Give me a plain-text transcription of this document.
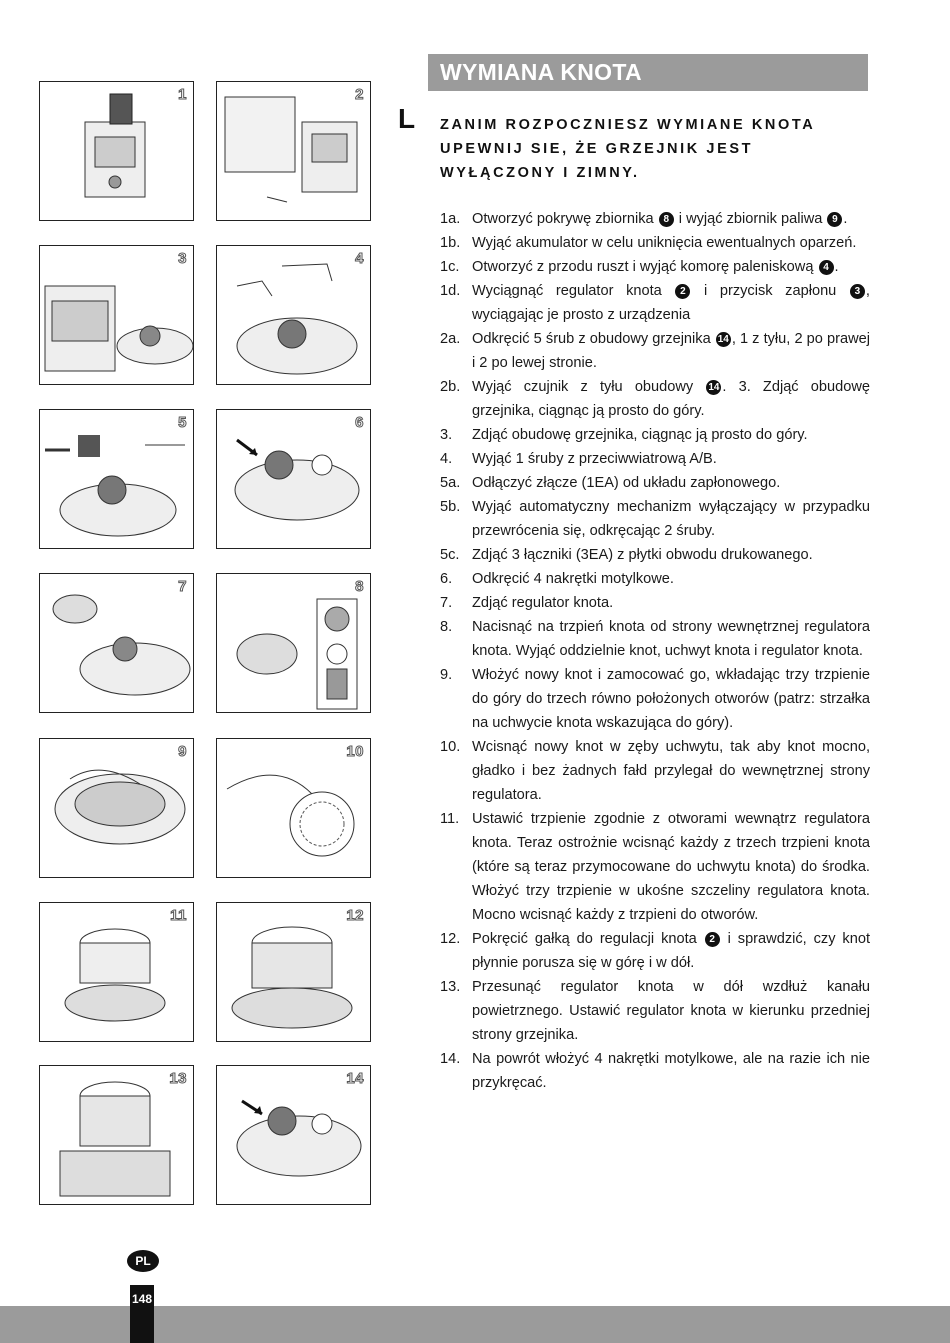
1	2
3	4
5	6
7	8
9	10
11	12
13	14
WYMIANA KNOTA
L ZANIM ROZPOCZNIESZ WYMIANE KNOTA
UPEWNIJ SIE, ŻE GRZEJNIK JEST
WYŁĄCZONY I ZIMNY.
1a. Otworzyć pokrywę zbiornika 8 i wyjąć zbiornik paliwa 9 .
1b. Wyjąć akumulator w celu uniknięcia ewentualnych oparzeń.
1c. Otworzyć z przodu ruszt i wyjąć komorę paleniskową 4 .
1d. Wyciągnąć regulator knota 2 i przycisk zapłonu 3 , wyciągając je prosto z urządzenia
2a. Odkręcić 5 śrub z obudowy grzejnika 14 , 1 z tyłu, 2 po prawej i 2 po lewej stronie.
2b. Wyjąć czujnik z tyłu obudowy 14 . 3. Zdjąć obudowę grzejnika, ciągnąc ją prosto do góry.
3. Zdjąć obudowę grzejnika, ciągnąc ją prosto do góry.
4. Wyjąć 1 śruby z przeciwwiatrową A/B.
5a. Odłączyć złącze (1EA) od układu zapłonowego.
5b. Wyjąć automatyczny mechanizm wyłączający w przypadku przewrócenia się, odkręcając 2 śruby.
5c. Zdjąć 3 łączniki (3EA) z płytki obwodu drukowanego.
6. Odkręcić 4 nakrętki motylkowe.
7. Zdjąć regulator knota.
8. Nacisnąć na trzpień knota od strony wewnętrznej regulatora knota. Wyjąć oddzielnie knot, uchwyt knota i regulator knota.
9. Włożyć nowy knot i zamocować go, wkładając trzy trzpienie do góry do trzech równo położonych otworów (patrz: strzałka na uchwycie knota wskazująca do góry).
10. Wcisnąć nowy knot w zęby uchwytu, tak aby knot mocno, gładko i bez żadnych fałd przylegał do wewnętrznej strony regulatora.
11. Ustawić trzpienie zgodnie z otworami wewnątrz regulatora knota. Teraz ostrożnie wcisnąć każdy z trzech trzpieni knota (które są teraz przymocowane do uchwytu knota) do środka. Włożyć trzy trzpienie w ukośne szczeliny regulatora knota. Mocno wcisnąć każdy z trzpieni do otworów.
12. Pokręcić gałką do regulacji knota 2 i sprawdzić, czy knot płynnie porusza się w górę i w dół.
13. Przesunąć regulator knota w dół wzdłuż kanału powietrznego. Ustawić regulator knota w kierunku przedniej strony grzejnika.
14. Na powrót włożyć 4 nakrętki motylkowe, ale na razie ich nie przykręcać.
PL
148
